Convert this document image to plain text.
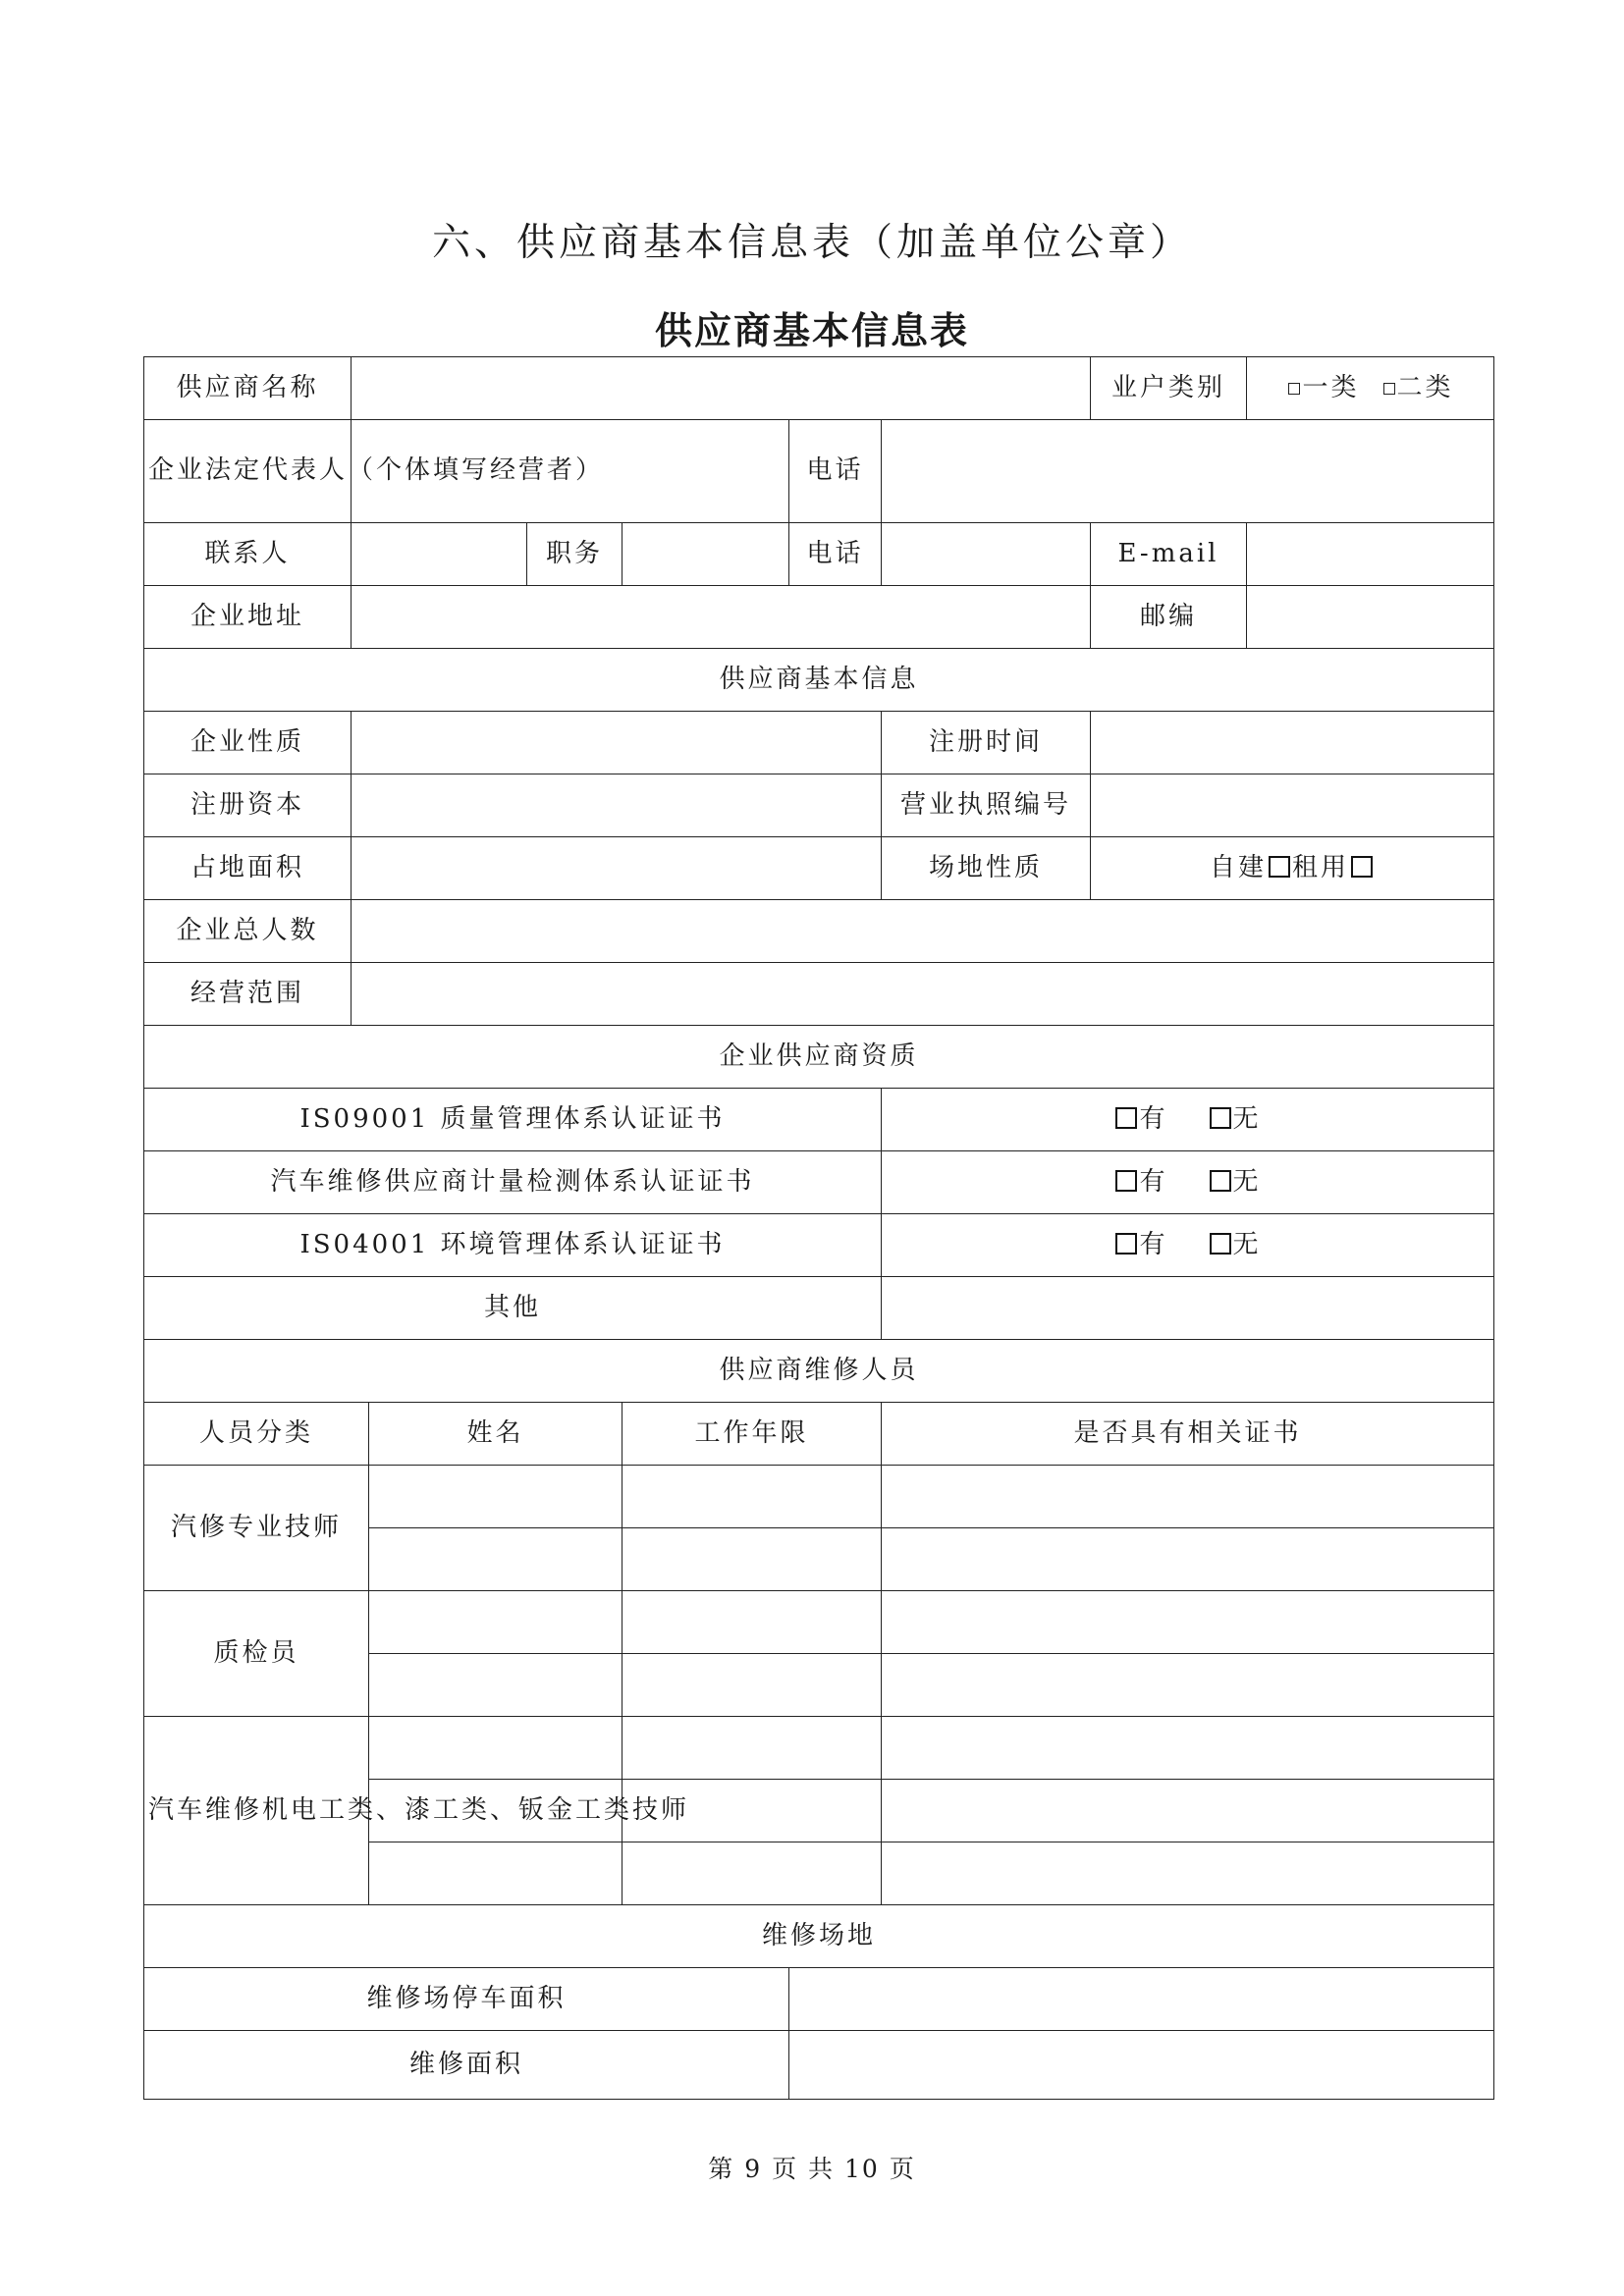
六、供应商基本信息表（加盖单位公章）
供应商基本信息表
供应商名称							业户类别	一类 二类
企业法定代表人（个体填写经营者）					电话			
联系人			职务		电话		E-mail	
企业地址							邮编	
供应商基本信息								
企业性质						注册时间		
注册资本						营业执照编号		
占地面积						场地性质	自建 租用	
企业总人数								
经营范围								
企业供应商资质								
IS09001 质量管理体系认证证书						有 无		
汽车维修供应商计量检测体系认证证书						有 无		
IS04001 环境管理体系认证证书						有 无		
其他								
供应商维修人员								
人员分类		姓名		工作年限		是否具有相关证书		
汽修专业技师								

质检员								

汽车维修机电工类、漆工类、钣金工类技师								

维修场地								
维修场停车面积								
维修面积								
第 9 页 共 10 页
